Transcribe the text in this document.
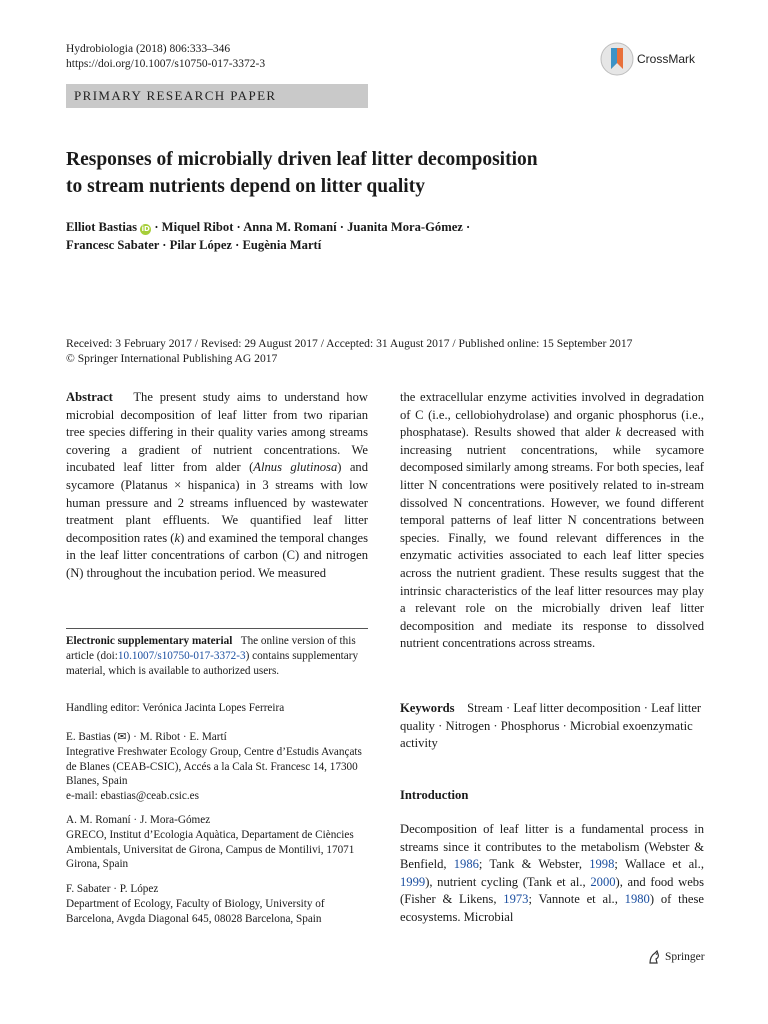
Hydrobiologia (2018) 806:333–346
https://doi.org/10.1007/s10750-017-3372-3	CrossMark
PRIMARY RESEARCH PAPER
Responses of microbially driven leaf litter decomposition
to stream nutrients depend on litter quality
Elliot Bastias iD · Miquel Ribot · Anna M. Romaní · Juanita Mora-Gómez ·
Francesc Sabater · Pilar López · Eugènia Martí
Received: 3 February 2017 / Revised: 29 August 2017 / Accepted: 31 August 2017 / Published online: 15 September 2017
© Springer International Publishing AG 2017

Abstract The present study aims to understand how microbial decomposition of leaf litter from two riparian tree species differing in their quality varies among streams covering a gradient of nutrient concentrations. We incubated leaf litter from alder (Alnus glutinosa) and sycamore (Platanus × hispanica) in 3 streams with low human pressure and 2 streams influenced by wastewater treatment plant effluents. We quantified leaf litter decomposition rates (k) and examined the temporal changes in the leaf litter concentrations of carbon (C) and nitrogen (N) throughout the incubation period. We measured

Electronic supplementary material The online version of this article (doi:10.1007/s10750-017-3372-3) contains supplementary material, which is available to authorized users.
Handling editor: Verónica Jacinta Lopes Ferreira
E. Bastias (✉) · M. Ribot · E. Martí
Integrative Freshwater Ecology Group, Centre d’Estudis Avançats de Blanes (CEAB-CSIC), Accés a la Cala St. Francesc 14, 17300 Blanes, Spain
e-mail: ebastias@ceab.csic.es
A. M. Romaní · J. Mora-Gómez
GRECO, Institut d’Ecologia Aquàtica, Departament de Ciències Ambientals, Universitat de Girona, Campus de Montilivi, 17071 Girona, Spain
F. Sabater · P. López
Department of Ecology, Faculty of Biology, University of Barcelona, Avgda Diagonal 645, 08028 Barcelona, Spain

the extracellular enzyme activities involved in degradation of C (i.e., cellobiohydrolase) and organic phosphorus (i.e., phosphatase). Results showed that alder k decreased with increasing nutrient concentrations, while sycamore decomposed similarly among streams. For both species, leaf litter N concentrations were positively related to in-stream dissolved N concentrations. However, we found different temporal patterns of leaf litter N concentrations between species. Finally, we found relevant differences in the enzymatic activities associated to each leaf litter species across the nutrient gradient. These results suggest that the intrinsic characteristics of the leaf litter resources may play a relevant role on the microbially driven leaf litter decomposition and mediate its response to dissolved nutrient concentrations across streams.

Keywords Stream · Leaf litter decomposition · Leaf litter quality · Nitrogen · Phosphorus · Microbial exoenzymatic activity
Introduction
Decomposition of leaf litter is a fundamental process in streams since it contributes to the metabolism (Webster & Benfield, 1986; Tank & Webster, 1998; Wallace et al., 1999), nutrient cycling (Tank et al., 2000), and food webs (Fisher & Likens, 1973; Vannote et al., 1980) of these ecosystems. Microbial
Springer
